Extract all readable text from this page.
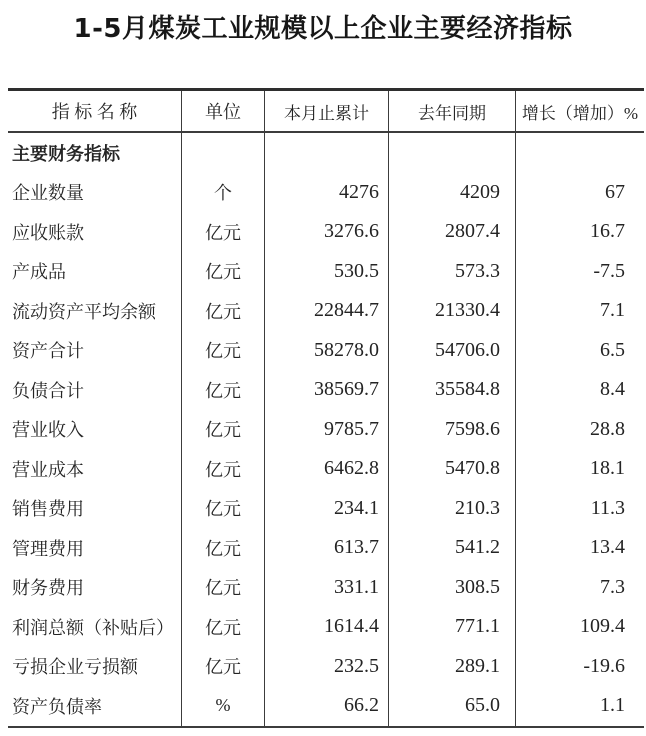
1-5月煤炭工业规模以上企业主要经济指标
指 标 名 称	单位	本月止累计	去年同期	增长（增加）%
主要财务指标
企业数量	个	4276	4209	67
应收账款	亿元	3276.6	2807.4	16.7
产成品	亿元	530.5	573.3	-7.5
流动资产平均余额	亿元	22844.7	21330.4	7.1
资产合计	亿元	58278.0	54706.0	6.5
负债合计	亿元	38569.7	35584.8	8.4
营业收入	亿元	9785.7	7598.6	28.8
营业成本	亿元	6462.8	5470.8	18.1
销售费用	亿元	234.1	210.3	11.3
管理费用	亿元	613.7	541.2	13.4
财务费用	亿元	331.1	308.5	7.3
利润总额（补贴后）	亿元	1614.4	771.1	109.4
亏损企业亏损额	亿元	232.5	289.1	-19.6
资产负债率	%	66.2	65.0	1.1
